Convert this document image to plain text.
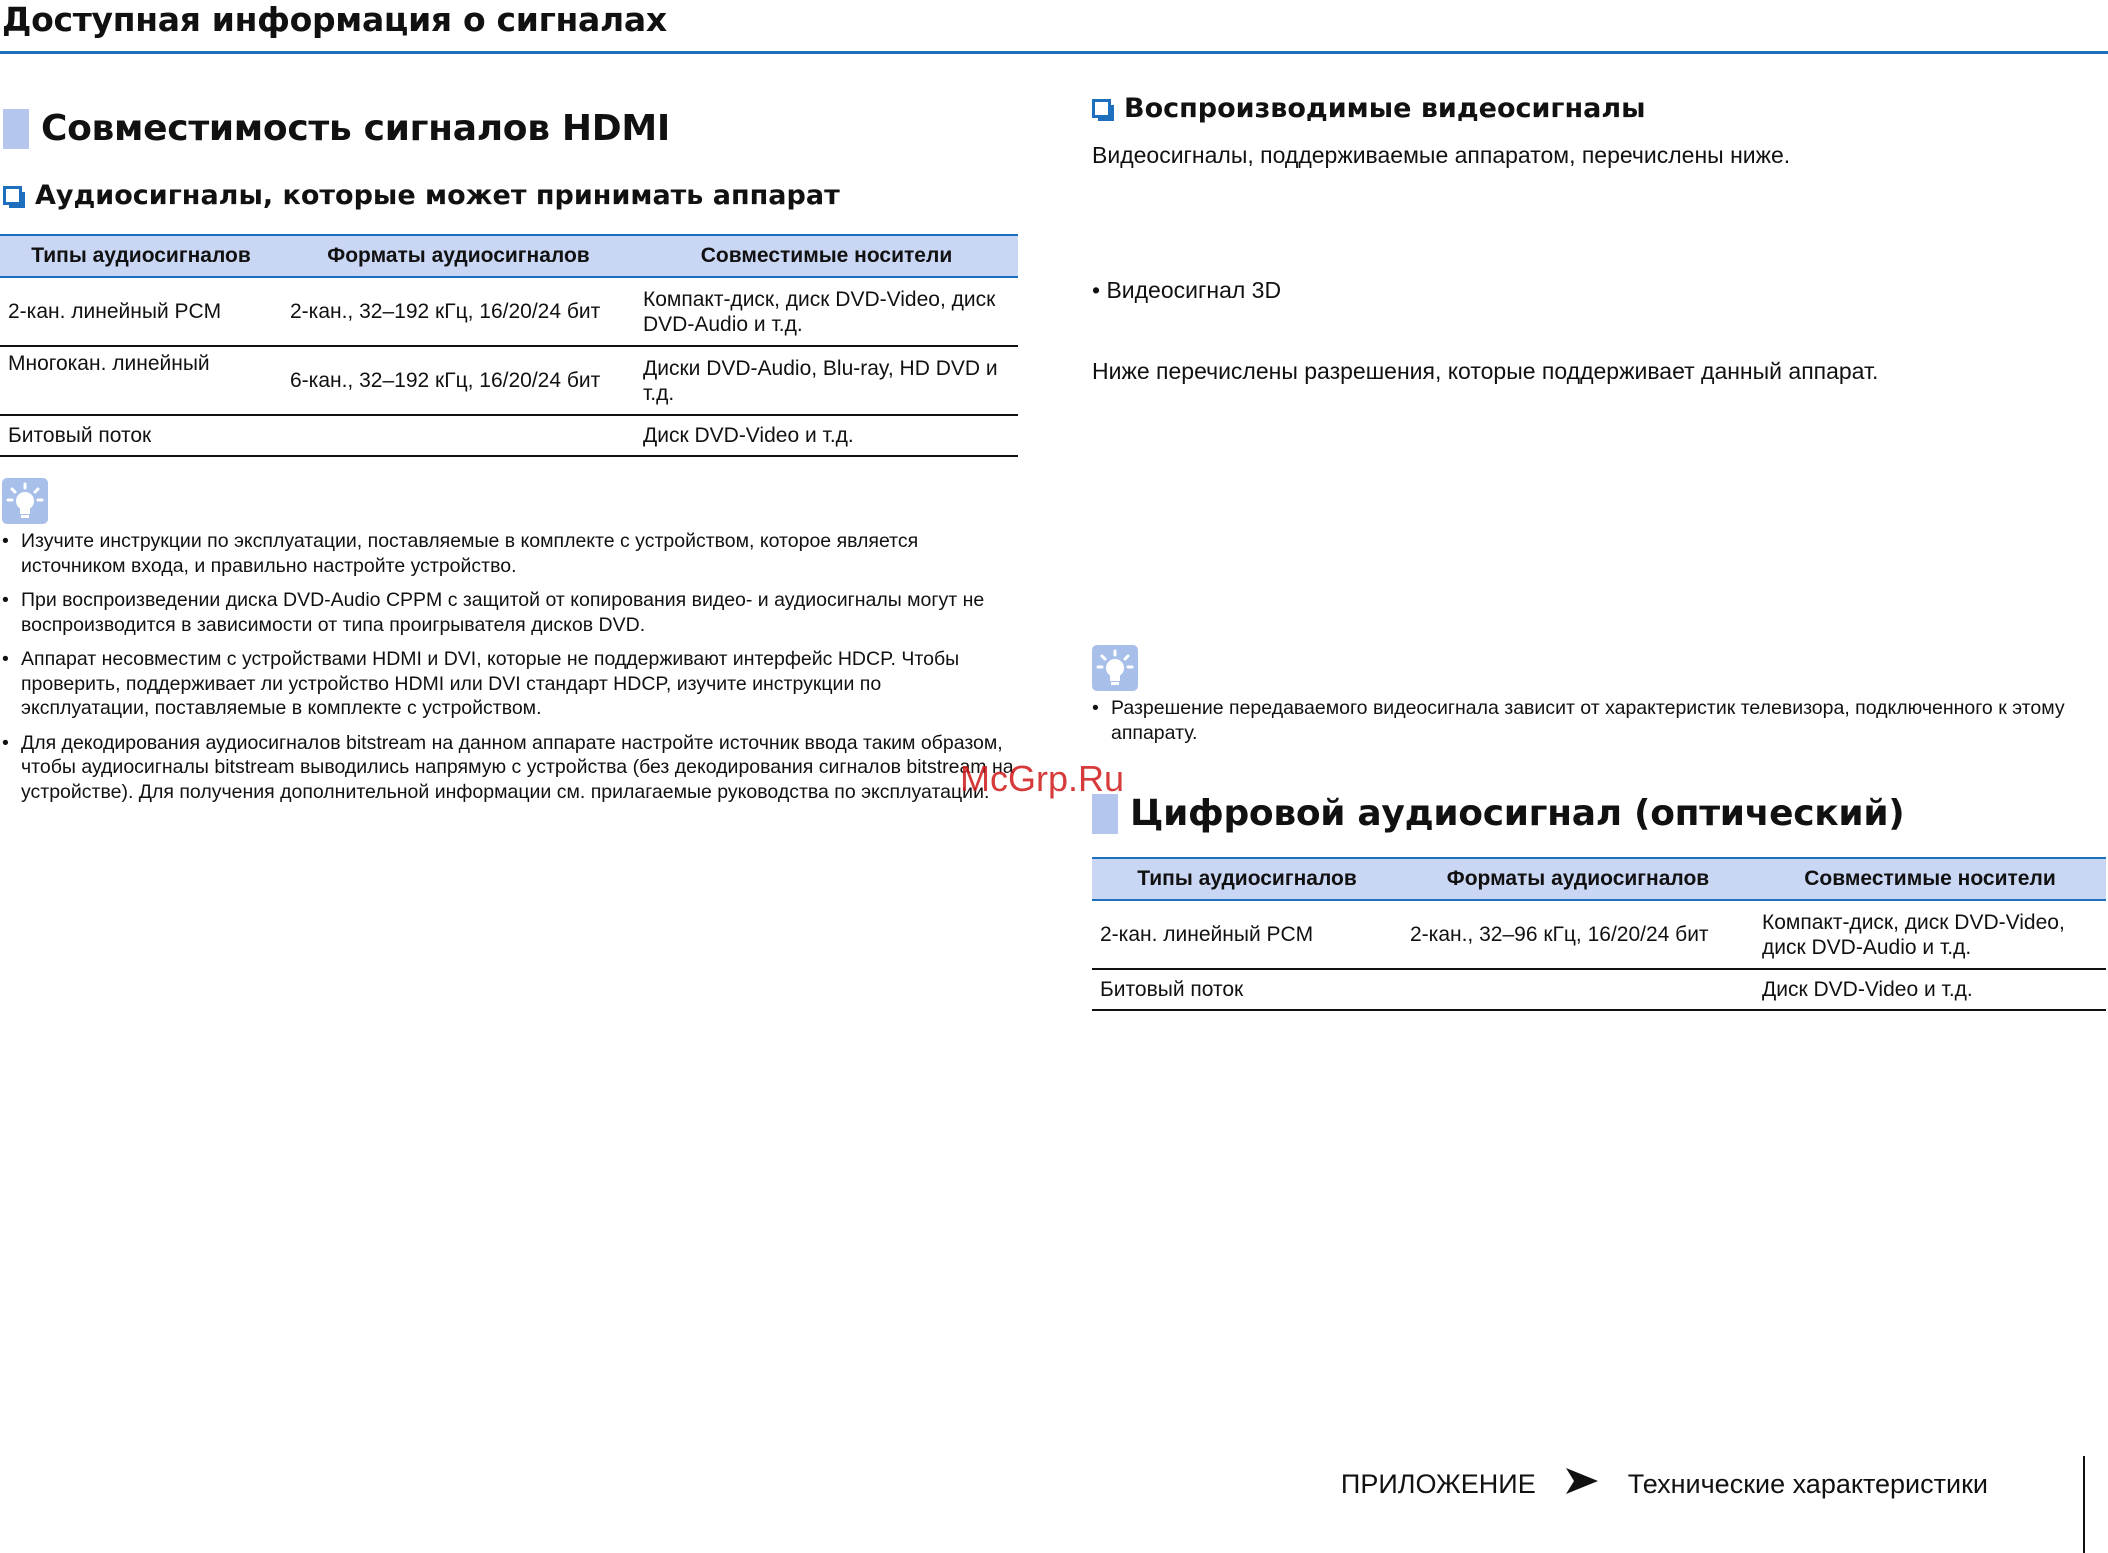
Доступная информация о сигналах
Совместимость сигналов HDMI
Аудиосигналы, которые может принимать аппарат
Типы аудиосигналов	Форматы аудиосигналов	Совместимые носители
2-кан. линейный PCM	2-кан., 32–192 кГц, 16/20/24 бит	Компакт-диск, диск DVD-Video, диск DVD-Audio и т.д.
Многокан. линейный	6-кан., 32–192 кГц, 16/20/24 бит	Диски DVD-Audio, Blu-ray, HD DVD и т.д.
Битовый поток		Диск DVD-Video и т.д.
• Изучите инструкции по эксплуатации, поставляемые в комплекте с устройством, которое является источником входа, и правильно настройте устройство.
• При воспроизведении диска DVD-Audio CPPM с защитой от копирования видео- и аудиосигналы могут не воспроизводится в зависимости от типа проигрывателя дисков DVD.
• Аппарат несовместим с устройствами HDMI и DVI, которые не поддерживают интерфейс HDCP. Чтобы проверить, поддерживает ли устройство HDMI или DVI стандарт HDCP, изучите инструкции по эксплуатации, поставляемые в комплекте с устройством.
• Для декодирования аудиосигналов bitstream на данном аппарате настройте источник ввода таким образом, чтобы аудиосигналы bitstream выводились напрямую с устройства (без декодирования сигналов bitstream на устройстве). Для получения дополнительной информации см. прилагаемые руководства по эксплуатации.
Воспроизводимые видеосигналы
Видеосигналы, поддерживаемые аппаратом, перечислены ниже.
• Видеосигнал 3D
Ниже перечислены разрешения, которые поддерживает данный аппарат.
• Разрешение передаваемого видеосигнала зависит от характеристик телевизора, подключенного к этому аппарату.
Цифровой аудиосигнал (оптический)
Типы аудиосигналов	Форматы аудиосигналов	Совместимые носители
2-кан. линейный PCM	2-кан., 32–96 кГц, 16/20/24 бит	Компакт-диск, диск DVD-Video, диск DVD-Audio и т.д.
Битовый поток		Диск DVD-Video и т.д.
McGrp.Ru
ПРИЛОЖЕНИЕ	Технические характеристики
